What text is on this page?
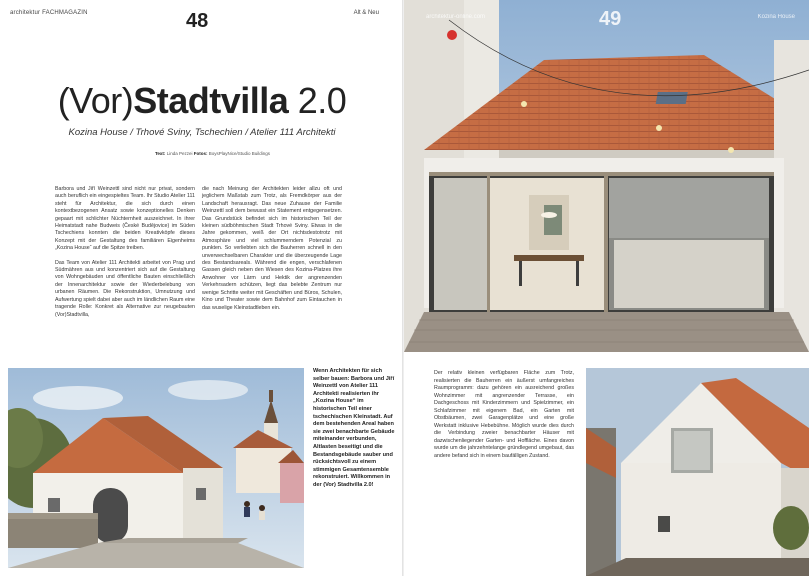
architektur FACHMAGAZIN	48	Alt & Neu
(Vor)Stadtvilla 2.0
Kozina House / Trhové Sviny, Tschechien / Atelier 111 Architekti
Text: Linda Pezzei Fotos: BoysPlayNice/Studio Buildings

Barbora und Jiří Weinzettl sind nicht nur privat, sondern auch beruflich ein eingespieltes Team. Ihr Studio Atelier 111 steht für Architektur, die sich durch einen kontextbezogenen Ansatz sowie konzeptionelles Denken gepaart mit schlichter Nüchternheit auszeichnet. In ihrer Heimatstadt nahe Budweis (České Budějovice) im Süden Tschechiens konnten die beiden Kreativköpfe dieses Konzept mit der Gestaltung des familiären Eigenheims „Kozina House“ auf die Spitze treiben.

Das Team von Atelier 111 Architekti arbeitet von Prag und Südmähren aus und konzentriert sich auf die Gestaltung von Wohngebäuden und öffentliche Bauten einschließlich der Innenarchitektur sowie der Wiederbelebung von urbanen Räumen. Die Rekonstruktion, Umnutzung und Aufwertung spielt dabei aber auch im ländlichen Raum eine tragende Rolle: Konkret als Alternative zur neugebauten (Vor)Stadtvilla,

die nach Meinung der Architekten leider allzu oft und jeglichem Maßstab zum Trotz, als Fremdkörper aus der Landschaft herausragt. Das neue Zuhause der Familie Weinzettl soll dem bewusst ein Statement entgegensetzen. Das Grundstück befindet sich im historischen Teil der kleinen südböhmischen Stadt Trhové Sviny. Etwas in die Jahre gekommen, weiß der Ort nichtsdestotrotz mit Atmosphäre und viel schlummerndem Potenzial zu punkten. So verliebten sich die Bauherren schnell in den unverwechselbaren Charakter und die überzeugende Lage des Bestandsareals. Während die engen, verschlafenen Gassen gleich neben den Wiesen des Kozina-Platzes ihre Anwohner vor Lärm und Hektik der angrenzenden Verkehrsadern schützen, liegt das belebte Zentrum nur wenige Schritte weiter mit Geschäften und Büros, Schulen, Kino und Theater sowie dem Bahnhof zum Eintauchen in das wuselige Kleinstadtleben ein.
Wenn Architekten für sich selber bauen: Barbora und Jiří Weinzettl von Atelier 111 Architekti realisierten ihr „Kozina House“ im historischen Teil einer tschechischen Kleinstadt. Auf dem bestehenden Areal haben sie zwei benachbarte Gebäude miteinander verbunden, Altlasten beseitigt und die Bestandsgebäude sauber und rücksichtsvoll zu einem stimmigen Gesamtensemble rekonstruiert. Willkommen in der (Vor) Stadtvilla 2.0!
architektur-online.com	49	Kozina House
Der relativ kleinen verfügbaren Fläche zum Trotz, realisierten die Bauherren ein äußerst umfangreiches Raumprogramm: dazu gehören ein ausreichend großes Wohnzimmer mit angrenzender Terrasse, ein Dachgeschoss mit Kinderzimmern und Spielzimmer, ein Schlafzimmer mit eigenem Bad, ein Garten mit Obstbäumen, zwei Garagenplätze und eine große Werkstatt inklusive Hebebühne. Möglich wurde dies durch die Verbindung zweier benachbarter Häuser mit dazwischenliegender Garten- und Hoffläche. Eines davon wurde um die jahrzehntelange gründlegend umgebaut, das andere befand sich in einem baufälligen Zustand.
